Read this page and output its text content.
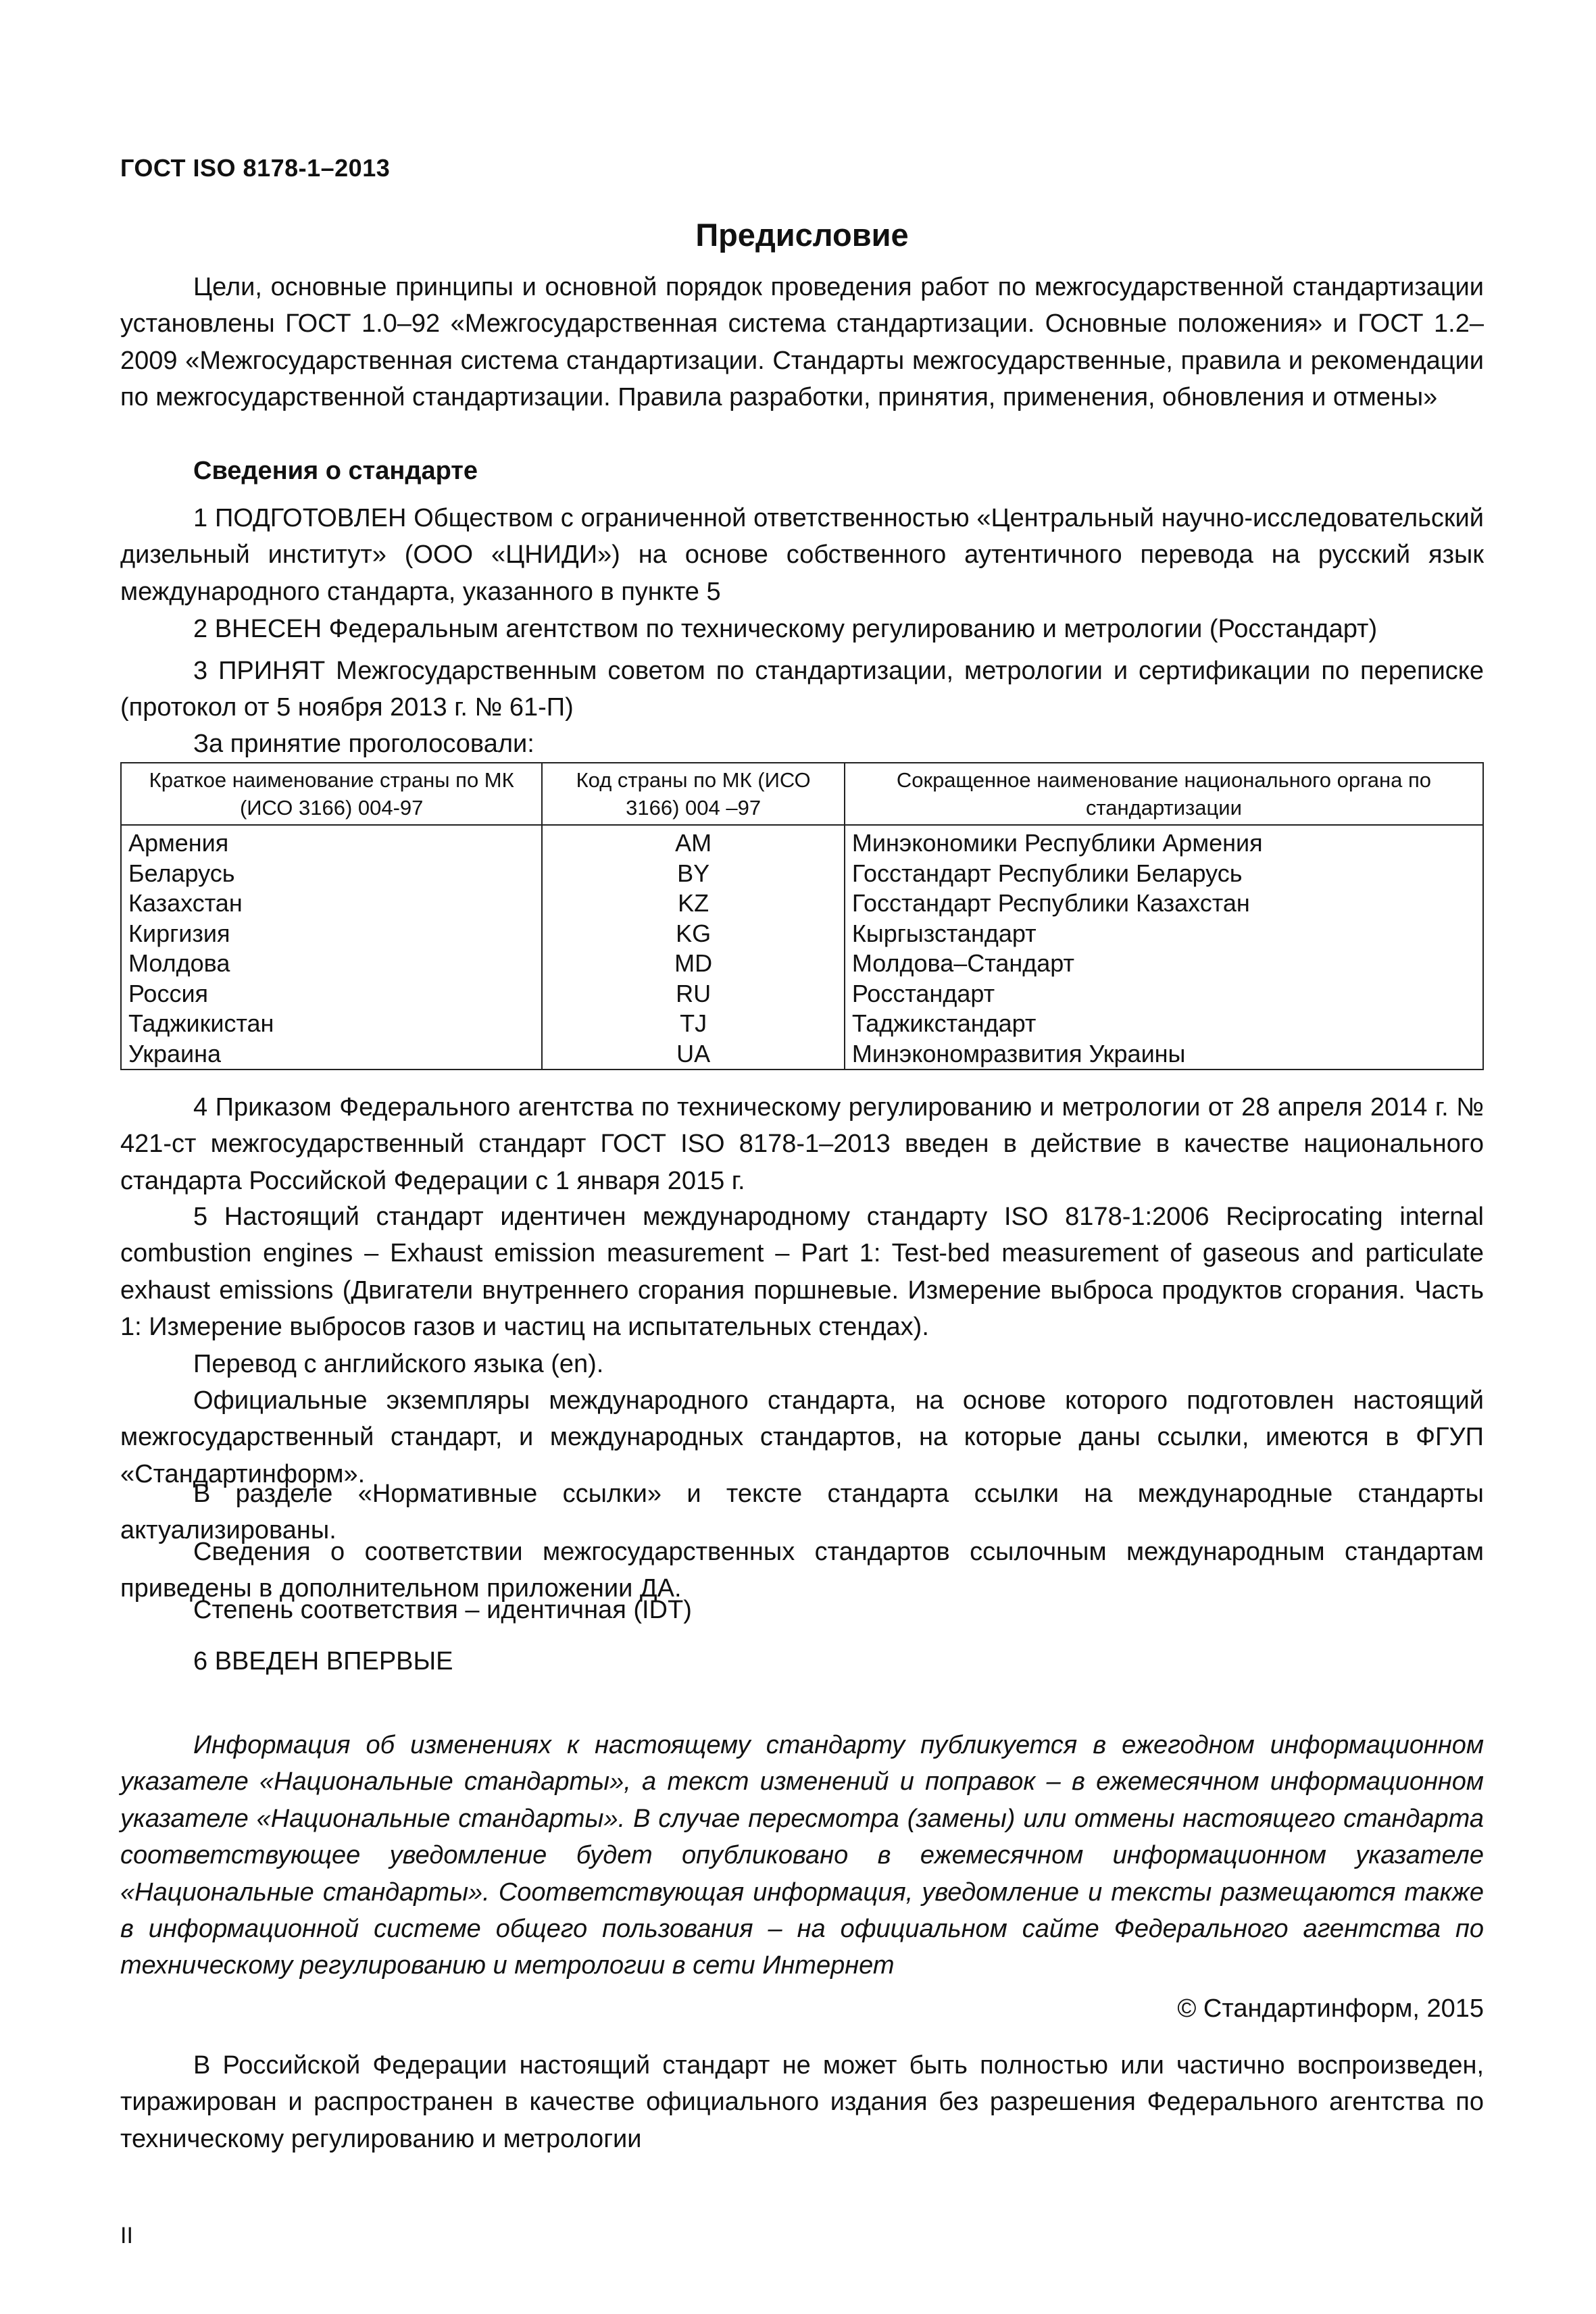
ГОСТ ISO 8178-1–2013
Предисловие

Цели, основные принципы и основной порядок проведения работ по межгосударственной стандартизации установлены ГОСТ 1.0–92 «Межгосударственная система стандартизации. Основные положения» и ГОСТ 1.2–2009 «Межгосударственная система стандартизации. Стандарты межгосударственные, правила и рекомендации по межгосударственной стандартизации. Правила разработки, принятия, применения, обновления и отмены»

Сведения о стандарте

1 ПОДГОТОВЛЕН Обществом с ограниченной ответственностью «Центральный научно-исследовательский дизельный институт» (ООО «ЦНИДИ») на основе собственного аутентичного перевода на русский язык международного стандарта, указанного в пункте 5

2 ВНЕСЕН Федеральным агентством по техническому регулированию и метрологии (Росстандарт)

3 ПРИНЯТ Межгосударственным советом по стандартизации, метрологии и сертификации по переписке (протокол от 5 ноября 2013 г. № 61-П)

За принятие проголосовали:

Краткое наименование страны по МК (ИСО 3166) 004-97	Код страны по МК (ИСО 3166) 004 –97	Сокращенное наименование национального органа по стандартизации
Армения	AM	Минэкономики Республики Армения
Беларусь	BY	Госстандарт Республики Беларусь
Казахстан	KZ	Госстандарт Республики Казахстан
Киргизия	KG	Кыргызстандарт
Молдова	MD	Молдова–Стандарт
Россия	RU	Росстандарт
Таджикистан	TJ	Таджикстандарт
Украина	UA	Минэкономразвития Украины

4 Приказом Федерального агентства по техническому регулированию и метрологии от 28 апреля 2014 г. № 421-ст межгосударственный стандарт ГОСТ ISO 8178-1–2013 введен в действие в качестве национального стандарта Российской Федерации с 1 января 2015 г.

5 Настоящий стандарт идентичен международному стандарту ISO 8178-1:2006 Reciprocating internal combustion engines – Exhaust emission measurement – Part 1: Test-bed measurement of gaseous and particulate exhaust emissions (Двигатели внутреннего сгорания поршневые. Измерение выброса продуктов сгорания. Часть 1: Измерение выбросов газов и частиц на испытательных стендах).

Перевод с английского языка (en).

Официальные экземпляры международного стандарта, на основе которого подготовлен настоящий межгосударственный стандарт, и международных стандартов, на которые даны ссылки, имеются в ФГУП «Стандартинформ».

В разделе «Нормативные ссылки» и тексте стандарта ссылки на международные стандарты актуализированы.

Сведения о соответствии межгосударственных стандартов ссылочным международным стандартам приведены в дополнительном приложении ДА.

Степень соответствия – идентичная (IDT)

6 ВВЕДЕН ВПЕРВЫЕ

Информация об изменениях к настоящему стандарту публикуется в ежегодном информационном указателе «Национальные стандарты», а текст изменений и поправок – в ежемесячном информационном указателе «Национальные стандарты». В случае пересмотра (замены) или отмены настоящего стандарта соответствующее уведомление будет опубликовано в ежемесячном информационном указателе «Национальные стандарты». Соответствующая информация, уведомление и тексты размещаются также в информационной системе общего пользования – на официальном сайте Федерального агентства по техническому регулированию и метрологии в сети Интернет

© Стандартинформ, 2015

В Российской Федерации настоящий стандарт не может быть полностью или частично воспроизведен, тиражирован и распространен в качестве официального издания без разрешения Федерального агентства по техническому регулированию и метрологии

II
